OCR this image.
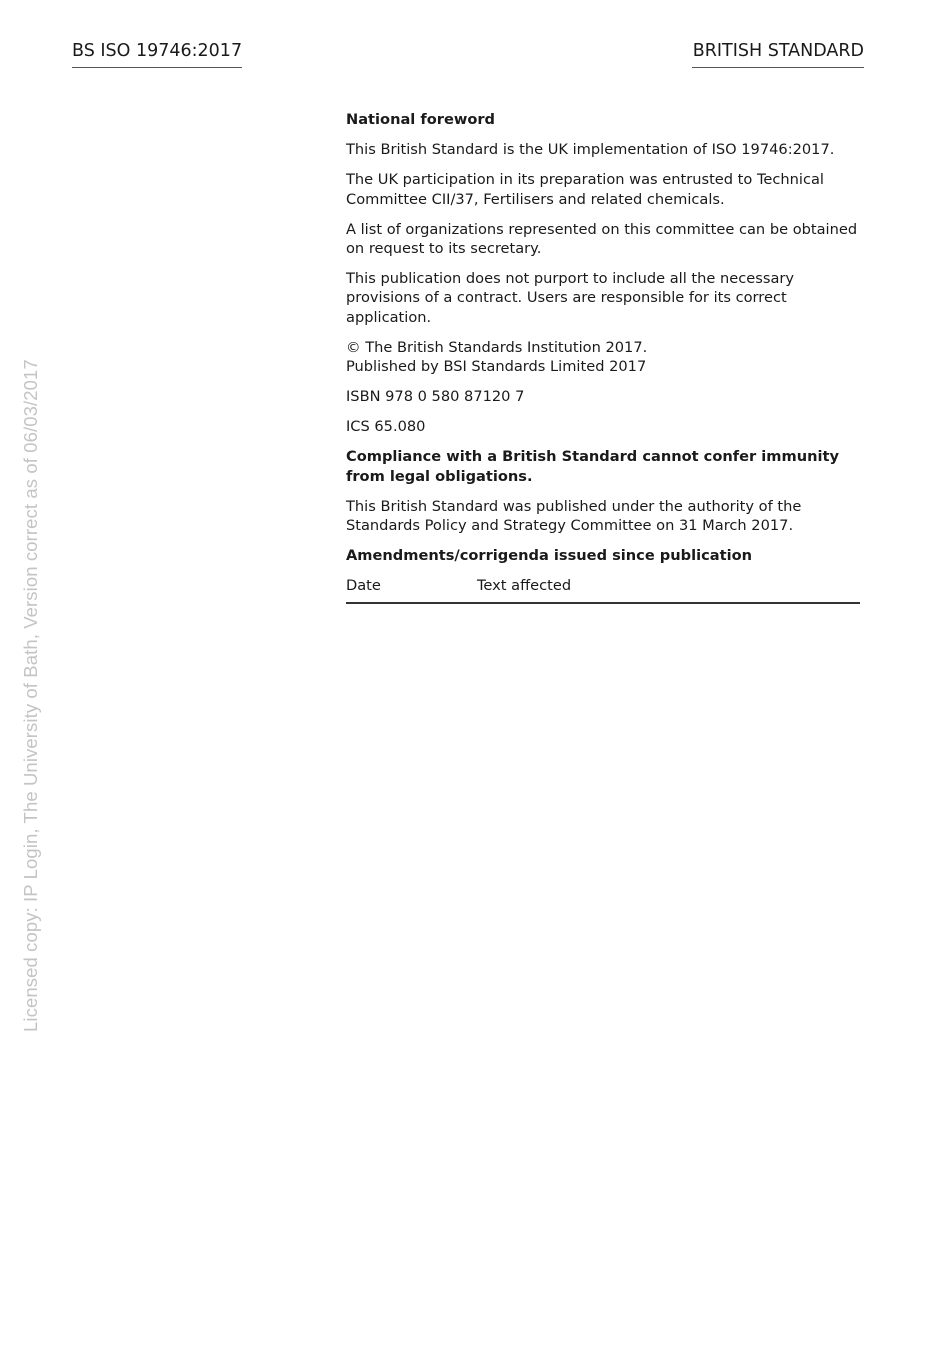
BS ISO 19746:2017	BRITISH STANDARD
Licensed copy: IP Login, The University of Bath, Version correct as of 06/03/2017

National foreword

This British Standard is the UK implementation of ISO 19746:2017.

The UK participation in its preparation was entrusted to Technical Committee CII/37, Fertilisers and related chemicals.

A list of organizations represented on this committee can be obtained on request to its secretary.

This publication does not purport to include all the necessary provisions of a contract. Users are responsible for its correct application.

© The British Standards Institution 2017.
Published by BSI Standards Limited 2017

ISBN 978 0 580 87120 7

ICS 65.080

Compliance with a British Standard cannot confer immunity from legal obligations.

This British Standard was published under the authority of the Standards Policy and Strategy Committee on 31 March 2017.

Amendments/corrigenda issued since publication

Date	Text affected
